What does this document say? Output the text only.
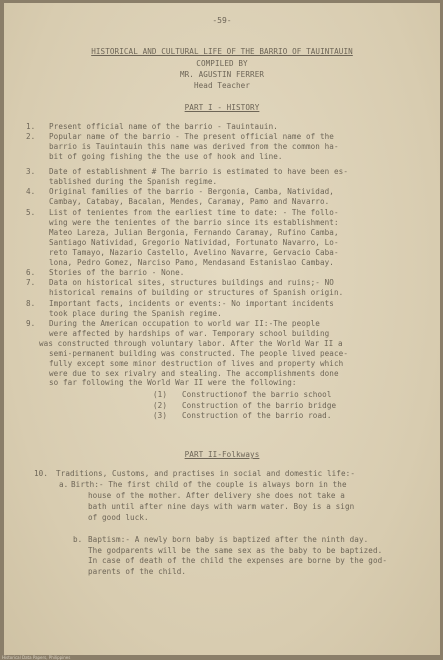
-59-
HISTORICAL AND CULTURAL LIFE OF THE BARRIO OF TAUINTAUIN
COMPILED BY
MR. AGUSTIN FERRER
Head Teacher
PART I - HISTORY
1. Present official name of the barrio - Tauintauin.
2. Popular name of the barrio - The present official name of the
barrio is Tauintauin this name was derived from the common ha-
bit of going fishing the the use of hook and line.
3. Date of establishment # The barrio is estimated to have been es-
tablished during the Spanish regime.
4. Original families of the barrio - Bergonia, Camba, Natividad,
Cambay, Catabay, Bacalan, Mendes, Caramay, Pamo and Navarro.
5. List of tenientes from the earliest time to date: - The follo-
wing were the tenientes of the barrio since its establishment:
Mateo Lareza, Julian Bergonia, Fernando Caramay, Rufino Camba,
Santiago Natividad, Gregorio Natividad, Fortunato Navarro, Lo-
reto Tamayo, Nazario Castello, Avelino Navarre, Gervacio Caba-
lona, Pedro Gomez, Narciso Pamo, Mendasand Estanislao Cambay.
6. Stories of the barrio - None.
7. Data on historical sites, structures buildings and ruins;- NO
historical remains of building or structures of Spanish origin.
8. Important facts, incidents or events:- No important incidents
took place during the Spanish regime.
9. During the American occupation to world war II:-The people
were affected by hardships of war. Temporary school building
was constructed through voluntary labor. After the World War II a
semi-permanent building was constructed. The people lived peace-
fully except some minor destruction of lives and property which
were due to sex rivalry and stealing. The accomplishments done
so far following the World War II were the following:
(1) Constructionof the barrio school
(2) Construction of the barrio bridge
(3) Construction of the barrio road.
PART II-Folkways
10. Traditions, Customs, and practises in social and domestic life:-
a. Birth:- The first child of the couple is always born in the
house of the mother. After delivery she does not take a
bath until after nine days with warm water. Boy is a sign
of good luck.
b. Baptism:- A newly born baby is baptized after the ninth day.
The godparents will be the same sex as the baby to be baptized.
In case of death of the child the expenses are borne by the god-
parents of the child.
Historical Data Papers, Philippines
